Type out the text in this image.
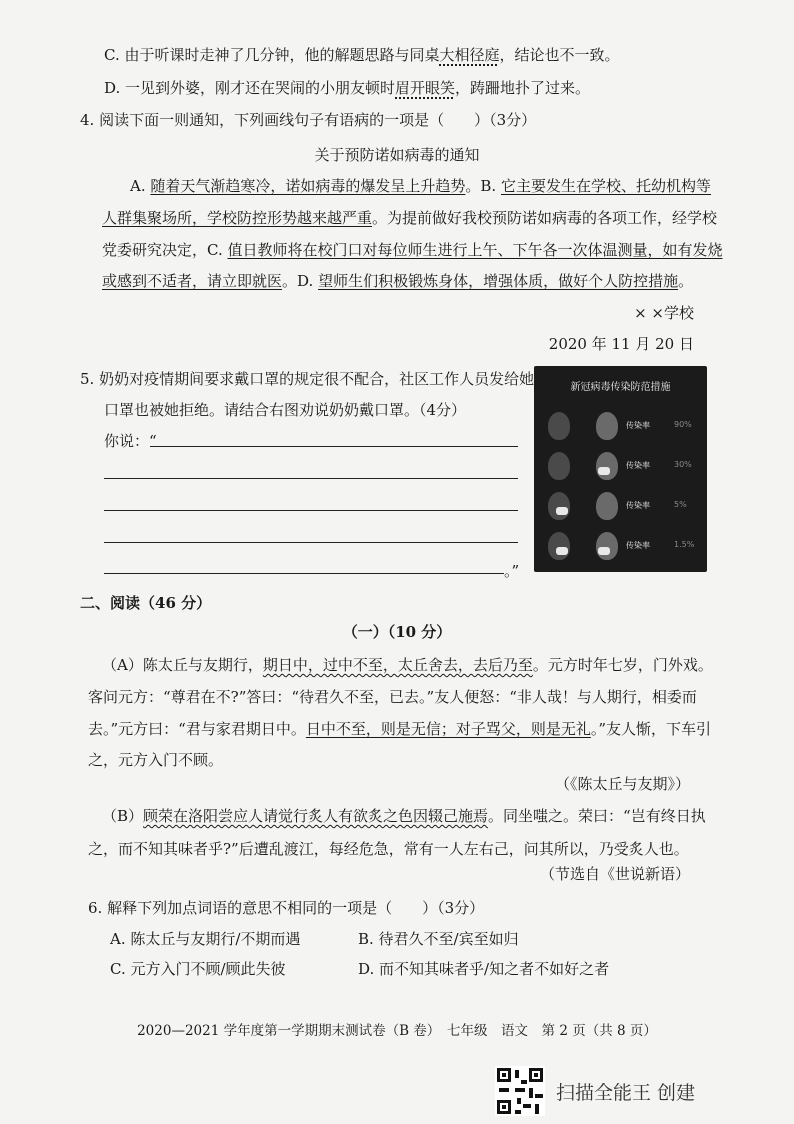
C. 由于听课时走神了几分钟，他的解题思路与同桌大相径庭，结论也不一致。
D. 一见到外婆，刚才还在哭闹的小朋友顿时眉开眼笑，踌跚地扑了过来。
4. 阅读下面一则通知，下列画线句子有语病的一项是（　　）（3分）
关于预防诺如病毒的通知
A. 随着天气渐趋寒冷，诺如病毒的爆发呈上升趋势。B. 它主要发生在学校、托幼机构等
人群集聚场所，学校防控形势越来越严重。为提前做好我校预防诺如病毒的各项工作，经学校
党委研究决定，C. 值日教师将在校门口对每位师生进行上午、下午各一次体温测量，如有发烧
或感到不适者，请立即就医。D. 望师生们积极锻炼身体，增强体质，做好个人防控措施。
× ×学校
2020 年 11 月 20 日
5. 奶奶对疫情期间要求戴口罩的规定很不配合，社区工作人员发给她
口罩也被她拒绝。请结合右图劝说奶奶戴口罩。（4分）
你说：“
。”
新冠病毒传染防范措施
传染率	90%
传染率	30%
传染率	5%
传染率	1.5%
二、阅读（46 分）
（一）（10 分）
（A）陈太丘与友期行，期日中，过中不至，太丘舍去，去后乃至。元方时年七岁，门外戏。
客问元方：“尊君在不?”答曰：“待君久不至，已去。”友人便怒：“非人哉！与人期行，相委而
去。”元方曰：“君与家君期日中。日中不至，则是无信；对子骂父，则是无礼。”友人惭，下车引
之，元方入门不顾。
（《陈太丘与友期》）
（B）顾荣在洛阳尝应人请觉行炙人有欲炙之色因辍己施焉。同坐嗤之。荣曰：“岂有终日执
之，而不知其味者乎?”后遭乱渡江，每经危急，常有一人左右己，问其所以，乃受炙人也。
（节选自《世说新语）
6. 解释下列加点词语的意思不相同的一项是（　　）（3分）
A. 陈太丘与友期行/不期而遇	B. 待君久不至/宾至如归
C. 元方入门不顾/顾此失彼	D. 而不知其味者乎/知之者不如好之者
2020—2021 学年度第一学期期末测试卷（B 卷）　七年级　语文　第 2 页（共 8 页）
扫描全能王 创建
